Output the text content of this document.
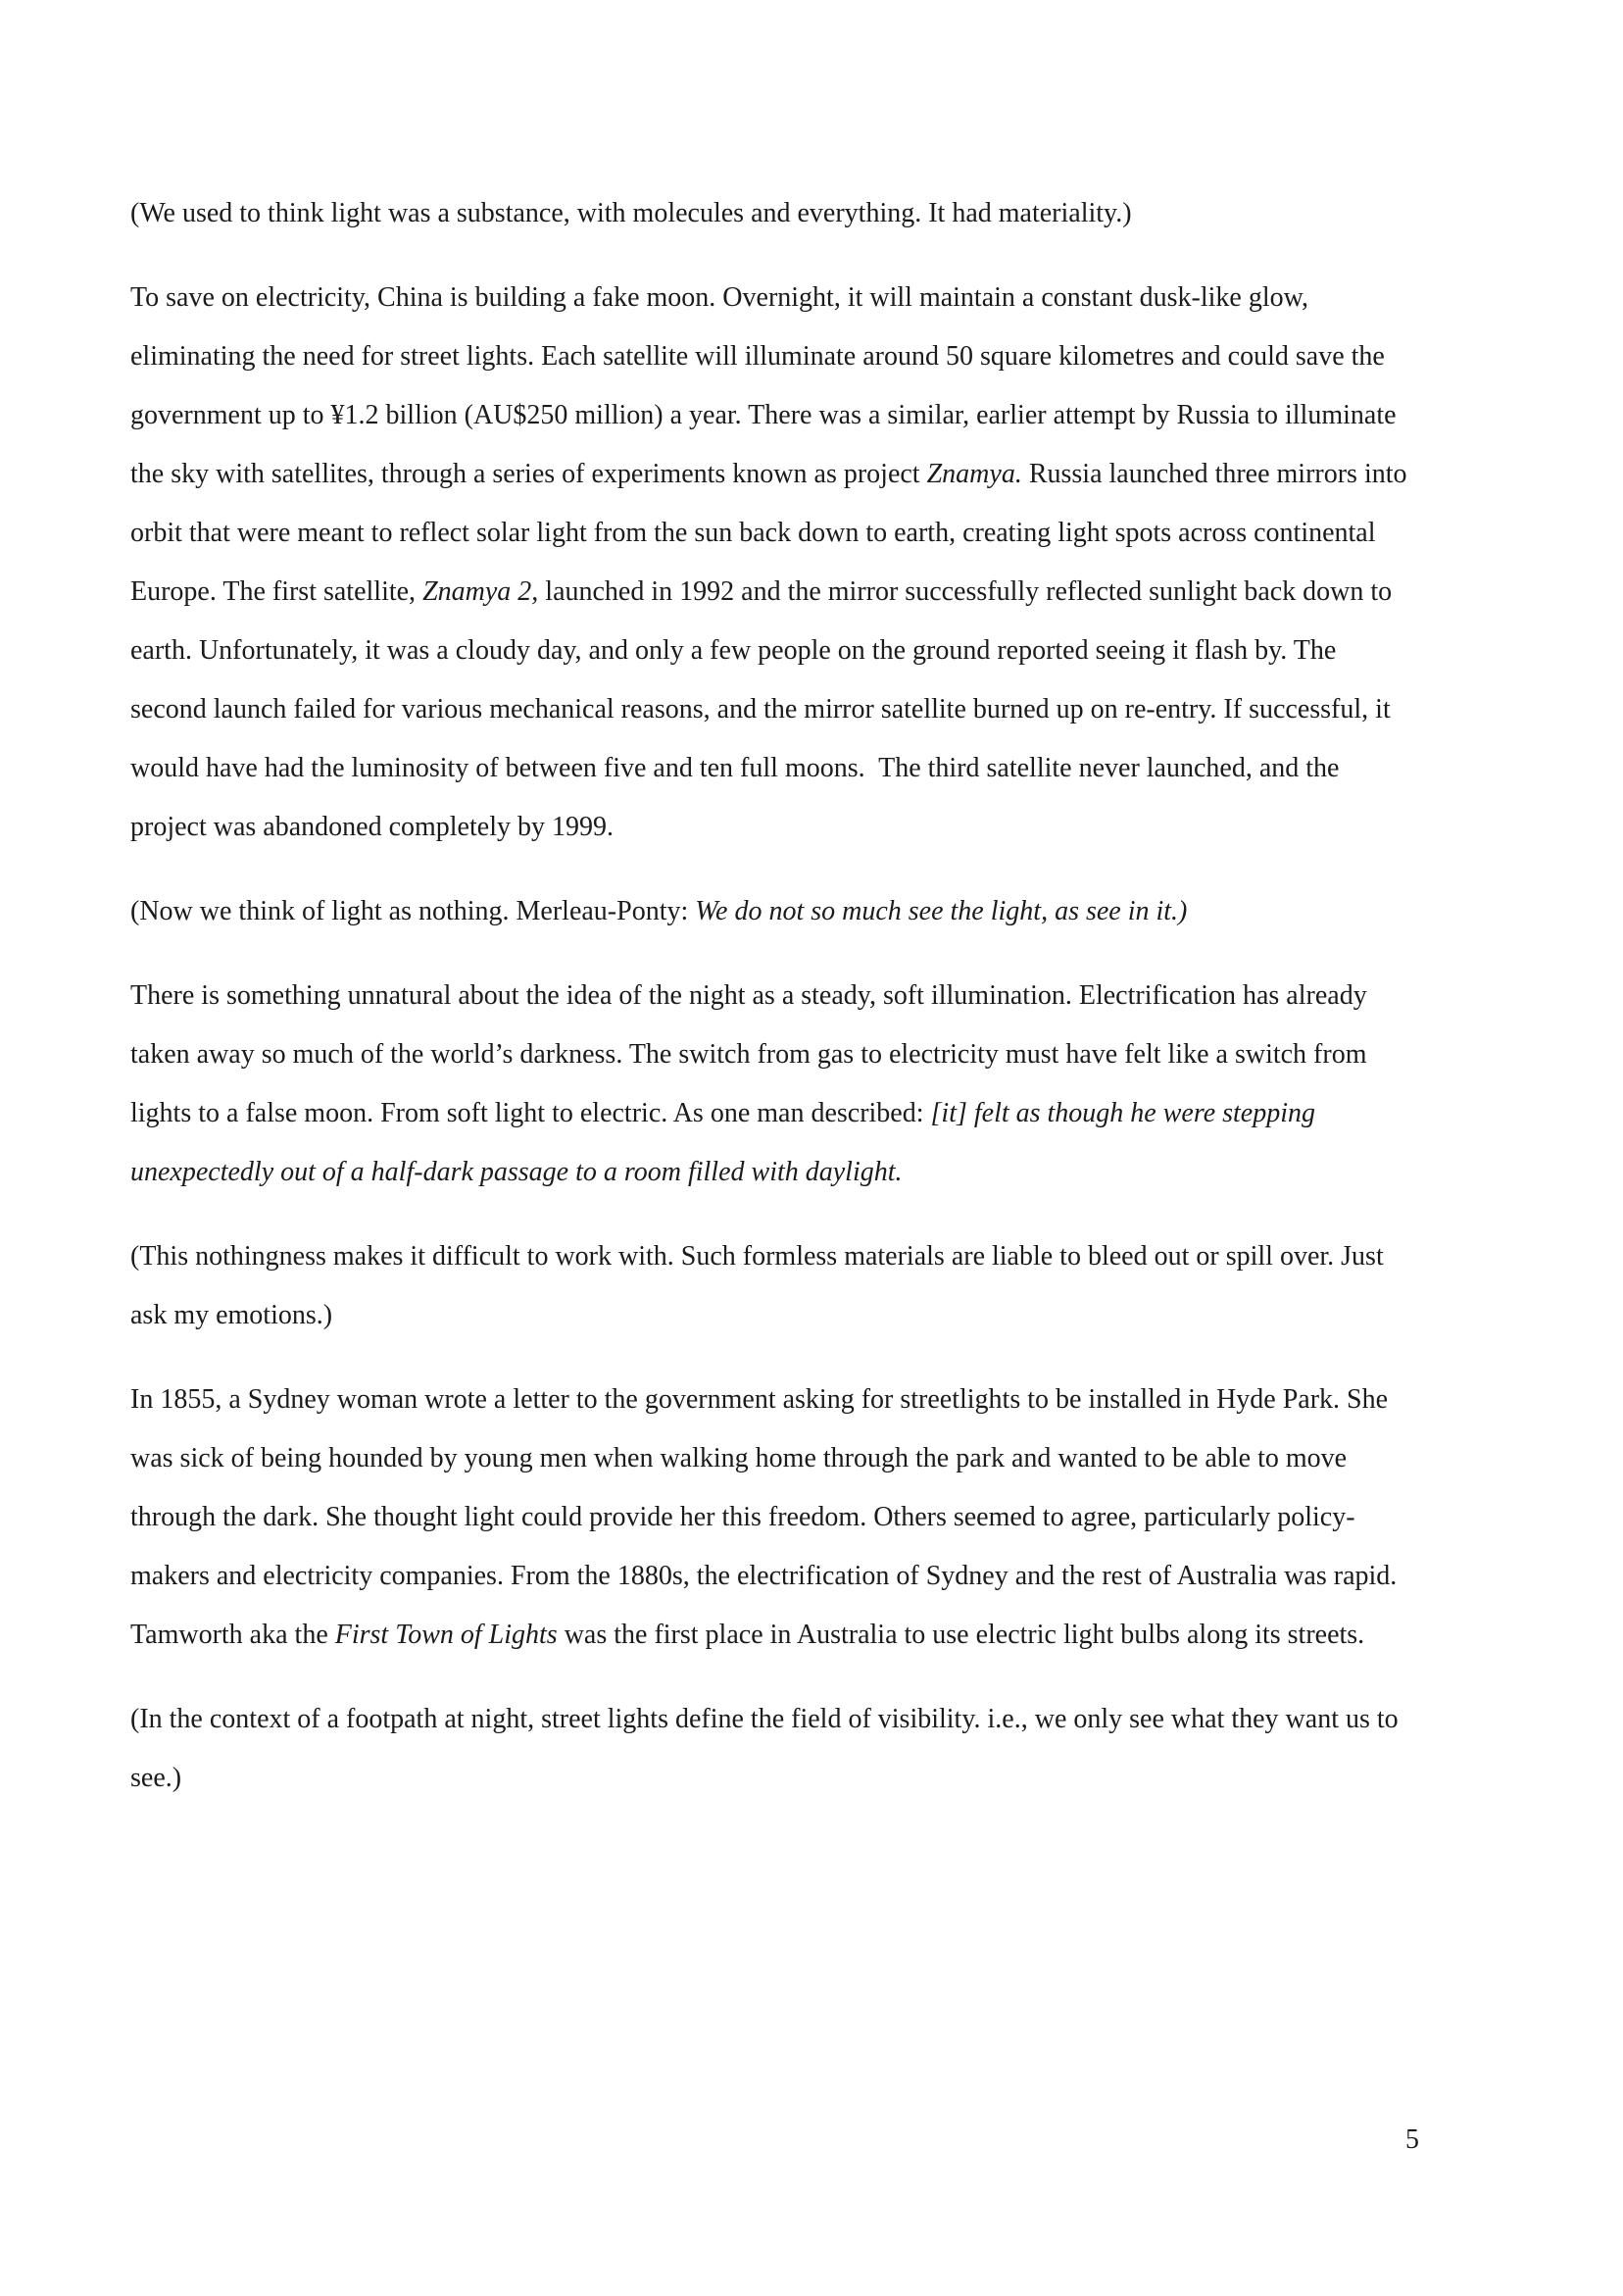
(We used to think light was a substance, with molecules and everything. It had materiality.)

To save on electricity, China is building a fake moon. Overnight, it will maintain a constant dusk-like glow, eliminating the need for street lights. Each satellite will illuminate around 50 square kilometres and could save the government up to ¥1.2 billion (AU$250 million) a year. There was a similar, earlier attempt by Russia to illuminate the sky with satellites, through a series of experiments known as project Znamya. Russia launched three mirrors into orbit that were meant to reflect solar light from the sun back down to earth, creating light spots across continental Europe. The first satellite, Znamya 2, launched in 1992 and the mirror successfully reflected sunlight back down to earth. Unfortunately, it was a cloudy day, and only a few people on the ground reported seeing it flash by. The second launch failed for various mechanical reasons, and the mirror satellite burned up on re-entry. If successful, it would have had the luminosity of between five and ten full moons.  The third satellite never launched, and the project was abandoned completely by 1999.

(Now we think of light as nothing. Merleau-Ponty: We do not so much see the light, as see in it.)

There is something unnatural about the idea of the night as a steady, soft illumination. Electrification has already taken away so much of the world’s darkness. The switch from gas to electricity must have felt like a switch from lights to a false moon. From soft light to electric. As one man described: [it] felt as though he were stepping unexpectedly out of a half-dark passage to a room filled with daylight.

(This nothingness makes it difficult to work with. Such formless materials are liable to bleed out or spill over. Just ask my emotions.)

In 1855, a Sydney woman wrote a letter to the government asking for streetlights to be installed in Hyde Park. She was sick of being hounded by young men when walking home through the park and wanted to be able to move through the dark. She thought light could provide her this freedom. Others seemed to agree, particularly policy-makers and electricity companies. From the 1880s, the electrification of Sydney and the rest of Australia was rapid. Tamworth aka the First Town of Lights was the first place in Australia to use electric light bulbs along its streets.

(In the context of a footpath at night, street lights define the field of visibility. i.e., we only see what they want us to see.)

5
